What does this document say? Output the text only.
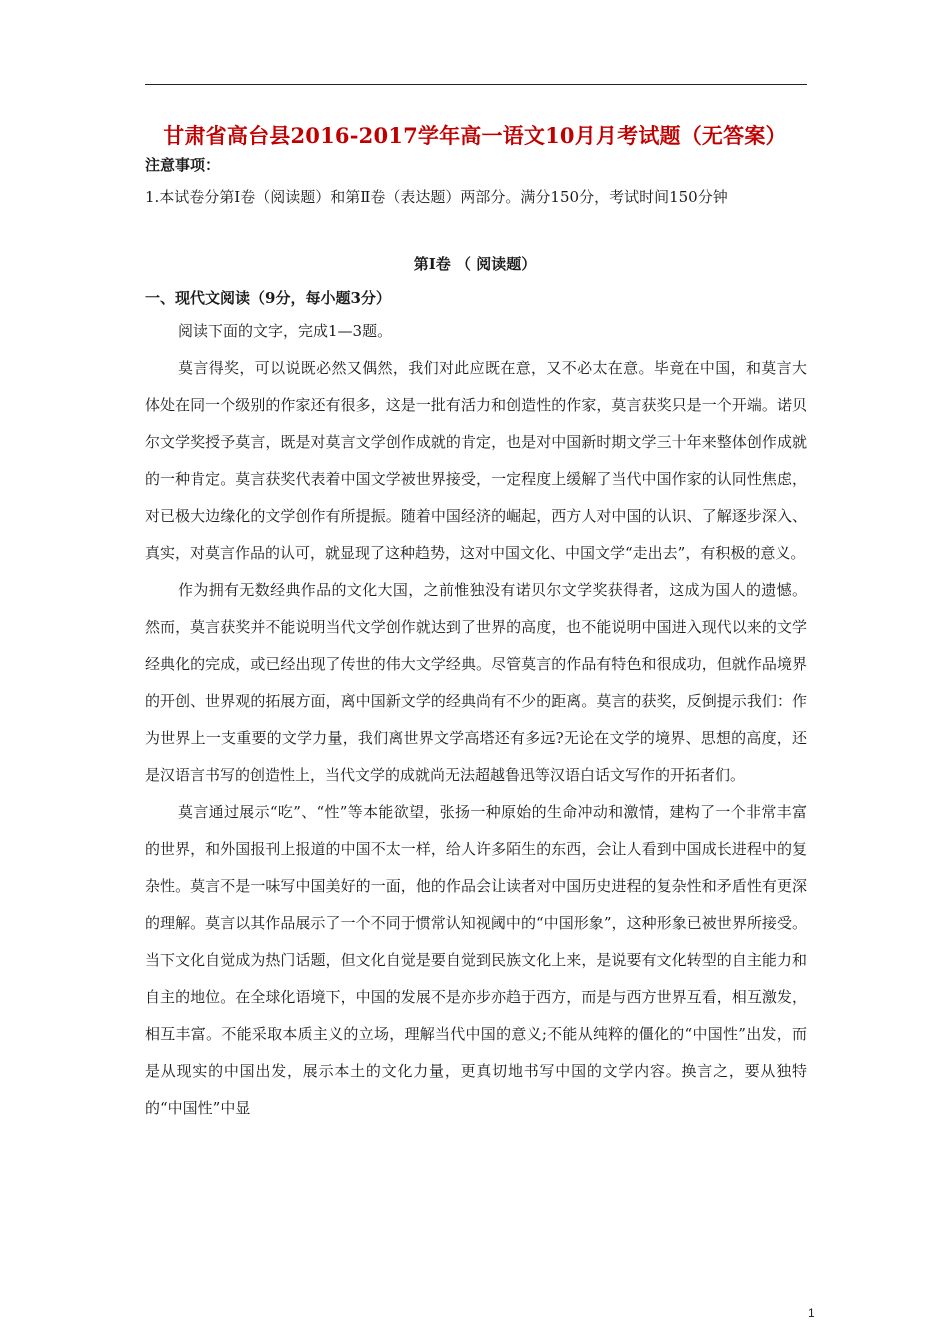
甘肃省高台县2016-2017学年高一语文10月月考试题（无答案）
注意事项：
1.本试卷分第Ⅰ卷（阅读题）和第Ⅱ卷（表达题）两部分。满分150分，考试时间150分钟
第Ⅰ卷 （ 阅读题）
一、现代文阅读（9分，每小题3分）
阅读下面的文字，完成1—3题。

莫言得奖，可以说既必然又偶然，我们对此应既在意，又不必太在意。毕竟在中国，和莫言大体处在同一个级别的作家还有很多，这是一批有活力和创造性的作家，莫言获奖只是一个开端。诺贝尔文学奖授予莫言，既是对莫言文学创作成就的肯定，也是对中国新时期文学三十年来整体创作成就的一种肯定。莫言获奖代表着中国文学被世界接受，一定程度上缓解了当代中国作家的认同性焦虑，对已极大边缘化的文学创作有所提振。随着中国经济的崛起，西方人对中国的认识、了解逐步深入、真实，对莫言作品的认可，就显现了这种趋势，这对中国文化、中国文学“走出去”，有积极的意义。

作为拥有无数经典作品的文化大国，之前惟独没有诺贝尔文学奖获得者，这成为国人的遗憾。然而，莫言获奖并不能说明当代文学创作就达到了世界的高度，也不能说明中国进入现代以来的文学经典化的完成，或已经出现了传世的伟大文学经典。尽管莫言的作品有特色和很成功，但就作品境界的开创、世界观的拓展方面，离中国新文学的经典尚有不少的距离。莫言的获奖，反倒提示我们：作为世界上一支重要的文学力量，我们离世界文学高塔还有多远?无论在文学的境界、思想的高度，还是汉语言书写的创造性上，当代文学的成就尚无法超越鲁迅等汉语白话文写作的开拓者们。

莫言通过展示“吃”、“性”等本能欲望，张扬一种原始的生命冲动和激情，建构了一个非常丰富的世界，和外国报刊上报道的中国不太一样，给人许多陌生的东西，会让人看到中国成长进程中的复杂性。莫言不是一味写中国美好的一面，他的作品会让读者对中国历史进程的复杂性和矛盾性有更深的理解。莫言以其作品展示了一个不同于惯常认知视阈中的“中国形象”，这种形象已被世界所接受。当下文化自觉成为热门话题，但文化自觉是要自觉到民族文化上来，是说要有文化转型的自主能力和自主的地位。在全球化语境下，中国的发展不是亦步亦趋于西方，而是与西方世界互看，相互激发，相互丰富。不能采取本质主义的立场，理解当代中国的意义;不能从纯粹的僵化的“中国性”出发，而是从现实的中国出发，展示本土的文化力量，更真切地书写中国的文学内容。换言之，要从独特的“中国性”中显

1
